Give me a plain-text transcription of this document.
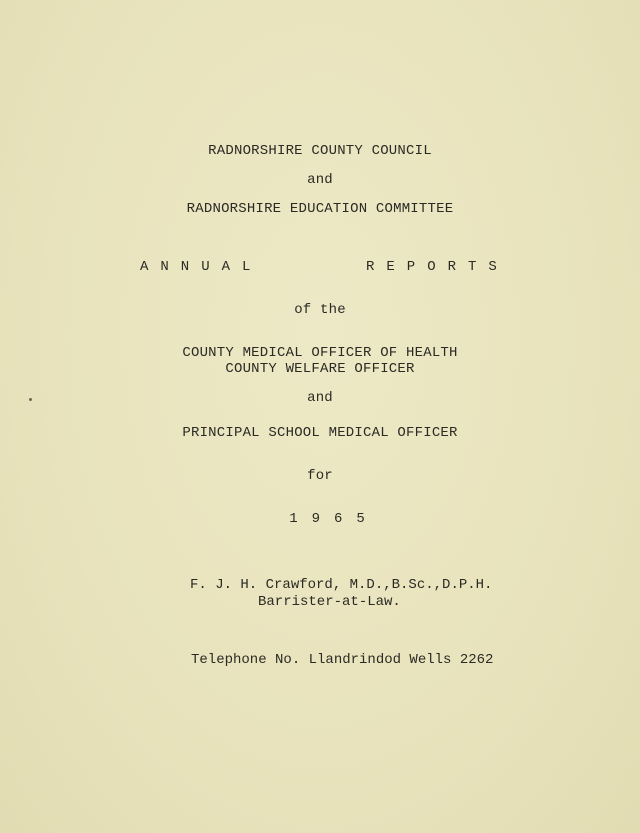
RADNORSHIRE COUNTY COUNCIL
and
RADNORSHIRE EDUCATION COMMITTEE
ANNUAL	REPORTS
of the
COUNTY MEDICAL OFFICER OF HEALTH
COUNTY WELFARE OFFICER
and
PRINCIPAL SCHOOL MEDICAL OFFICER
for
1965
F. J. H. Crawford, M.D.,B.Sc.,D.P.H.
Barrister-at-Law.
Telephone No. Llandrindod Wells 2262
